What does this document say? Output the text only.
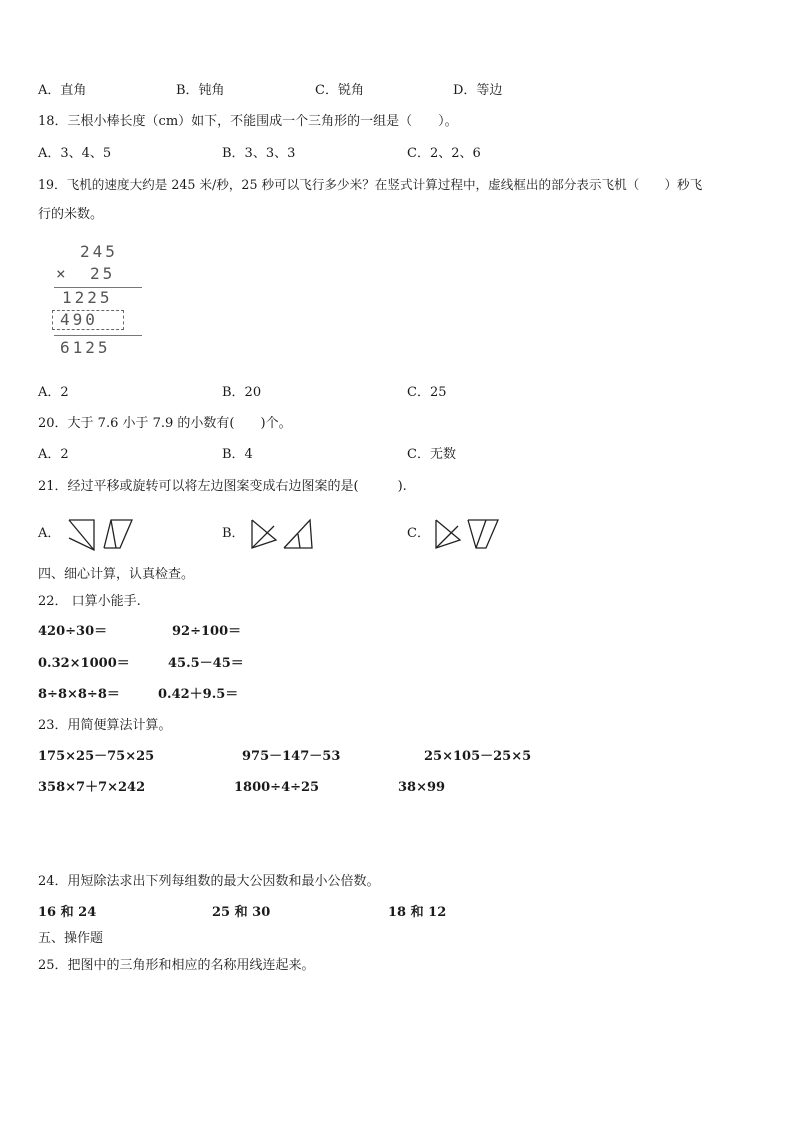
A．直角	B．钝角	C．锐角	D．等边
18．三根小棒长度（cm）如下，不能围成一个三角形的一组是（　　）。
A．3、4、5	B．3、3、3	C．2、2、6
19．飞机的速度大约是 245 米/秒，25 秒可以飞行多少米？在竖式计算过程中，虚线框出的部分表示飞机（　　）秒飞
行的米数。
245
× 25
1225
490
6125
A．2	B．20	C．25
20．大于 7.6 小于 7.9 的小数有(　　)个。
A．2	B．4	C．无数
21．经过平移或旋转可以将左边图案变成右边图案的是(　　　).
A．	B．	C．
四、细心计算，认真检查。
22． 口算小能手.
420÷30＝	92÷100＝
0.32×1000＝	45.5－45＝
8÷8×8÷8＝	0.42＋9.5＝
23．用简便算法计算。
175×25－75×25	975－147－53	25×105－25×5
358×7＋7×242	1800÷4÷25	38×99
24．用短除法求出下列每组数的最大公因数和最小公倍数。
16 和 24	25 和 30	18 和 12
五、操作题
25．把图中的三角形和相应的名称用线连起来。
